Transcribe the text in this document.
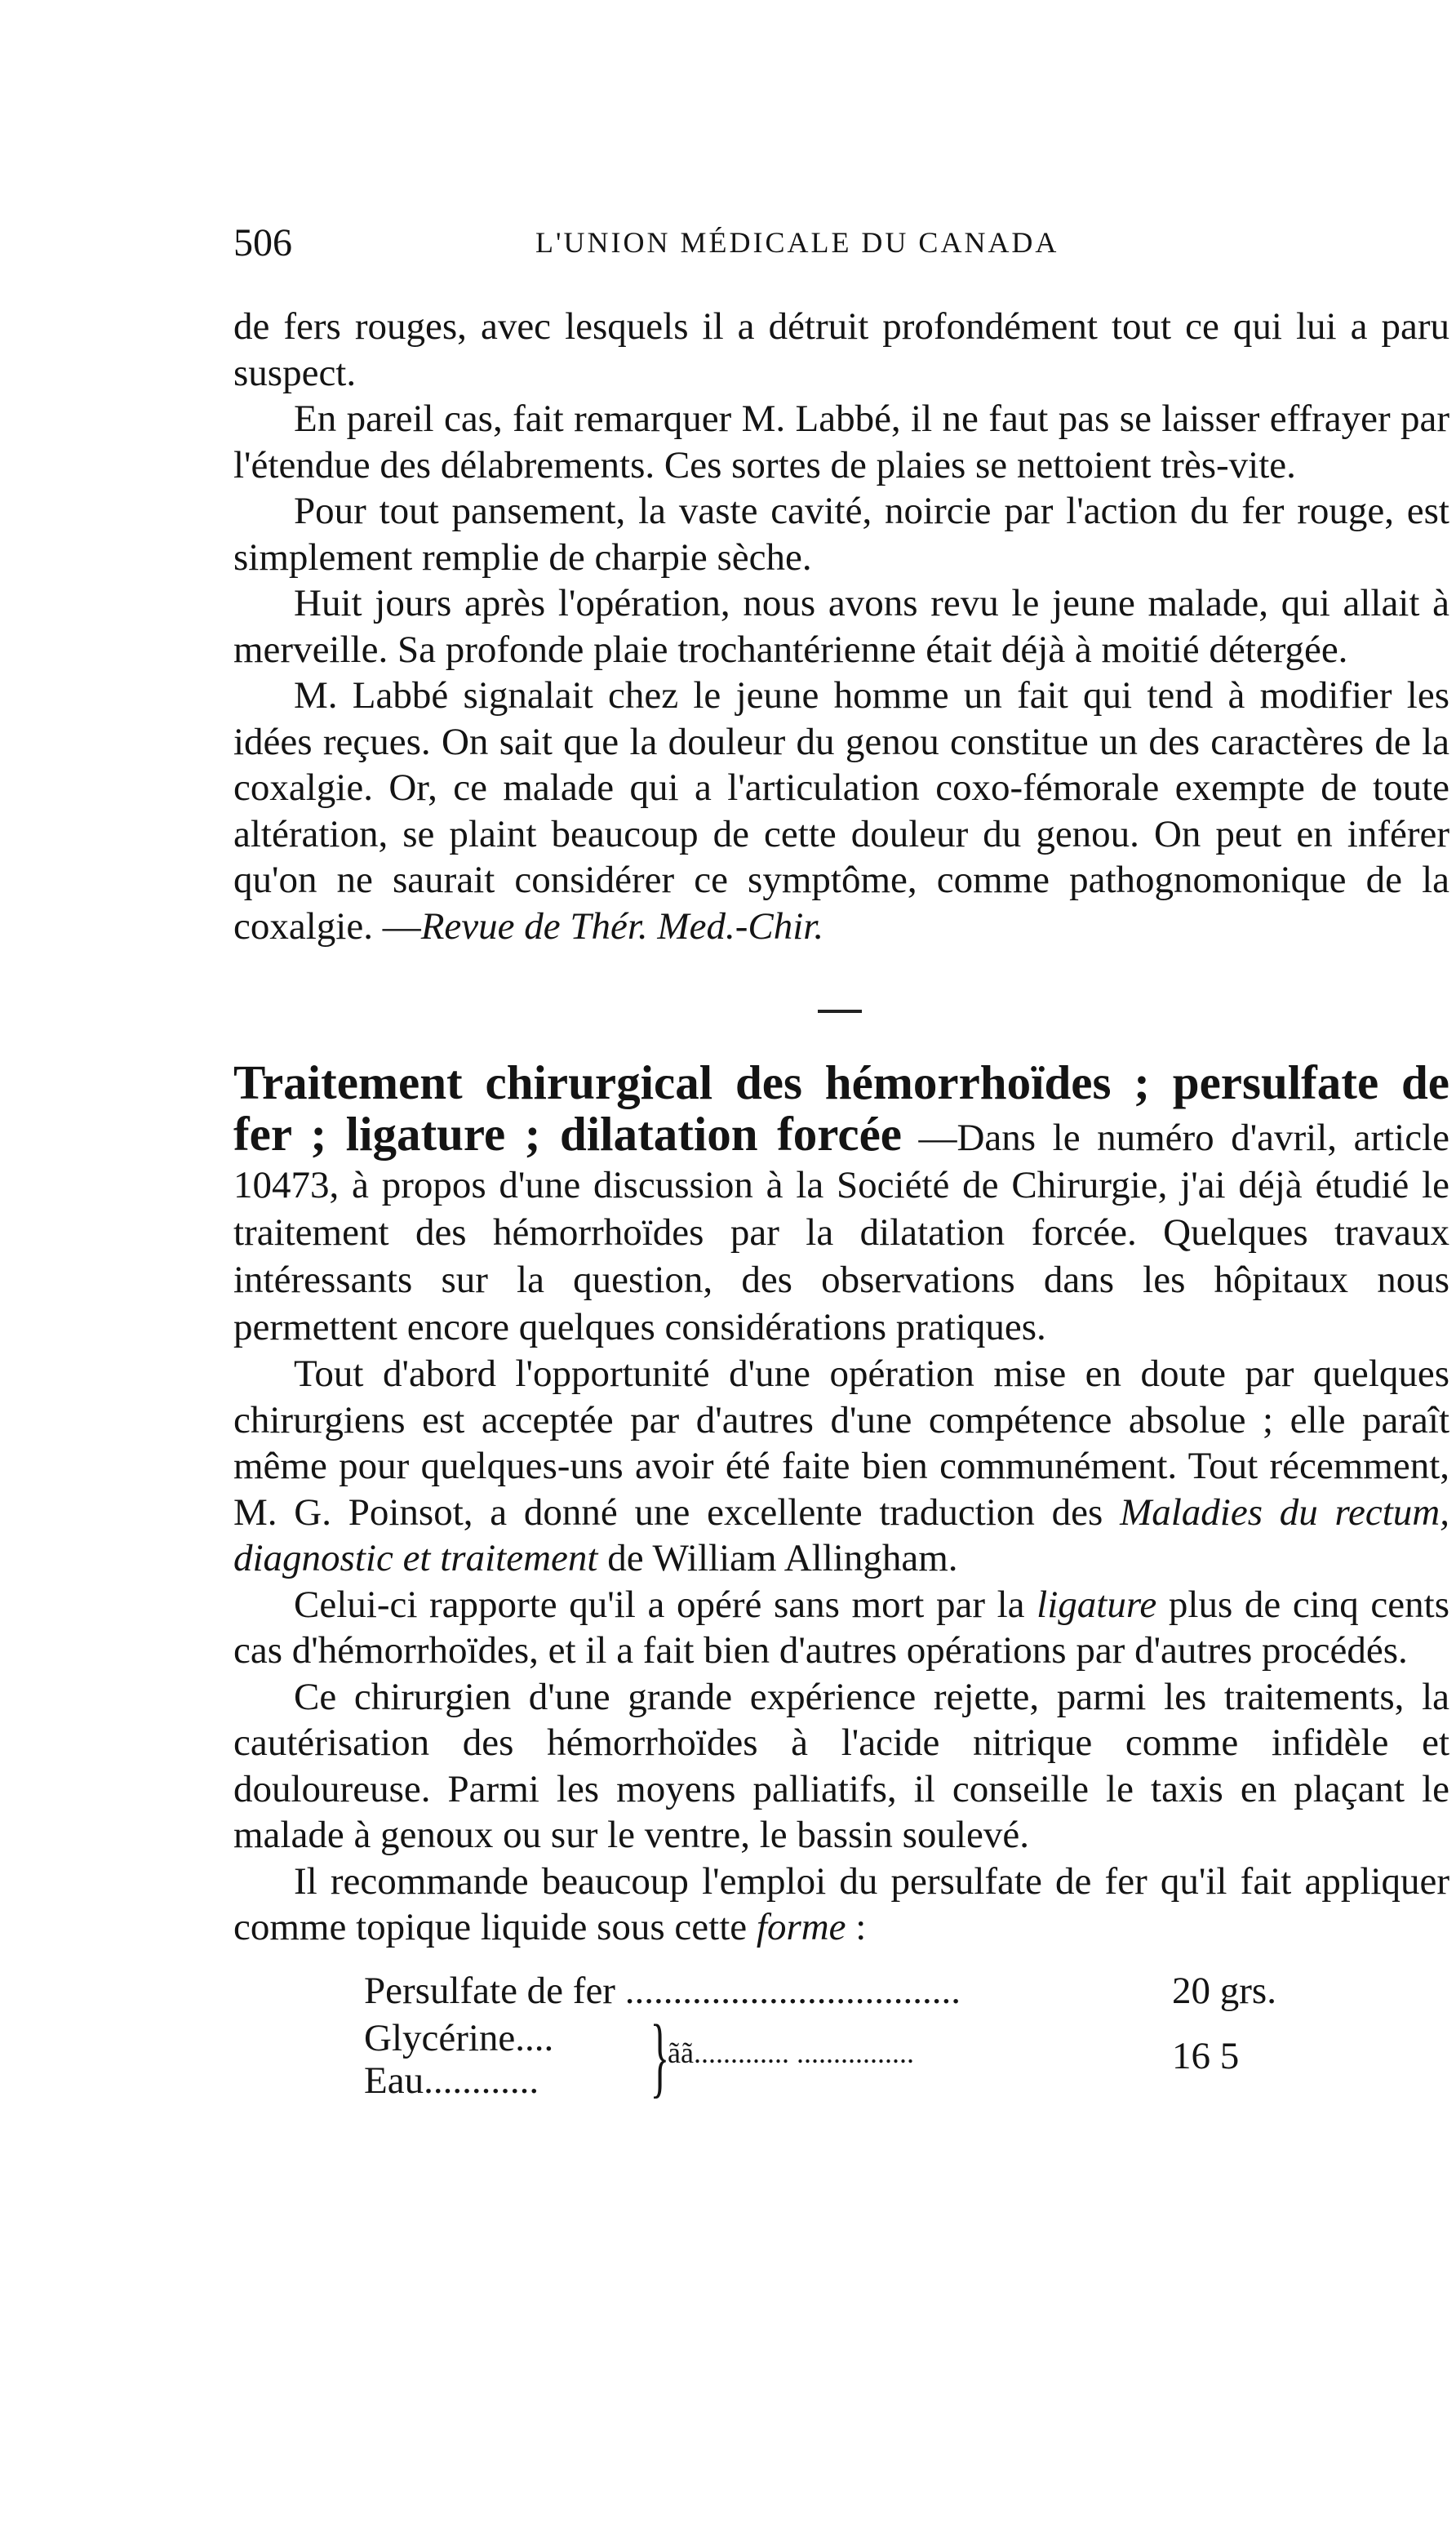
506	L'UNION MÉDICALE DU CANADA

de fers rouges, avec lesquels il a détruit profondément tout ce qui lui a paru suspect.

En pareil cas, fait remarquer M. Labbé, il ne faut pas se laisser effrayer par l'étendue des délabrements. Ces sortes de plaies se nettoient très-vite.

Pour tout pansement, la vaste cavité, noircie par l'action du fer rouge, est simplement remplie de charpie sèche.

Huit jours après l'opération, nous avons revu le jeune malade, qui allait à merveille. Sa profonde plaie trochantérienne était déjà à moitié détergée.

M. Labbé signalait chez le jeune homme un fait qui tend à modifier les idées reçues. On sait que la douleur du genou constitue un des caractères de la coxalgie. Or, ce malade qui a l'articulation coxo-fémorale exempte de toute altération, se plaint beaucoup de cette douleur du genou. On peut en inférer qu'on ne saurait considérer ce symptôme, comme pathognomonique de la coxalgie. —Revue de Thér. Med.-Chir.

Traitement chirurgical des hémorrhoïdes ; persulfate de fer ; ligature ; dilatation forcée —Dans le numéro d'avril, article 10473, à propos d'une discussion à la Société de Chirurgie, j'ai déjà étudié le traitement des hémorrhoïdes par la dilatation forcée. Quelques travaux intéressants sur la question, des observations dans les hôpitaux nous permettent encore quelques considérations pratiques.

Tout d'abord l'opportunité d'une opération mise en doute par quelques chirurgiens est acceptée par d'autres d'une compétence absolue ; elle paraît même pour quelques-uns avoir été faite bien communément. Tout récemment, M. G. Poinsot, a donné une excellente traduction des Maladies du rectum, diagnostic et traitement de William Allingham.

Celui-ci rapporte qu'il a opéré sans mort par la ligature plus de cinq cents cas d'hémorrhoïdes, et il a fait bien d'autres opérations par d'autres procédés.

Ce chirurgien d'une grande expérience rejette, parmi les traitements, la cautérisation des hémorrhoïdes à l'acide nitrique comme infidèle et douloureuse. Parmi les moyens palliatifs, il conseille le taxis en plaçant le malade à genoux ou sur le ventre, le bassin soulevé.

Il recommande beaucoup l'emploi du persulfate de fer qu'il fait appliquer comme topique liquide sous cette forme :

Persulfate de fer ...................................	20 grs.
Glycérine....
Eau............ }
ãã............. ................	16 5
